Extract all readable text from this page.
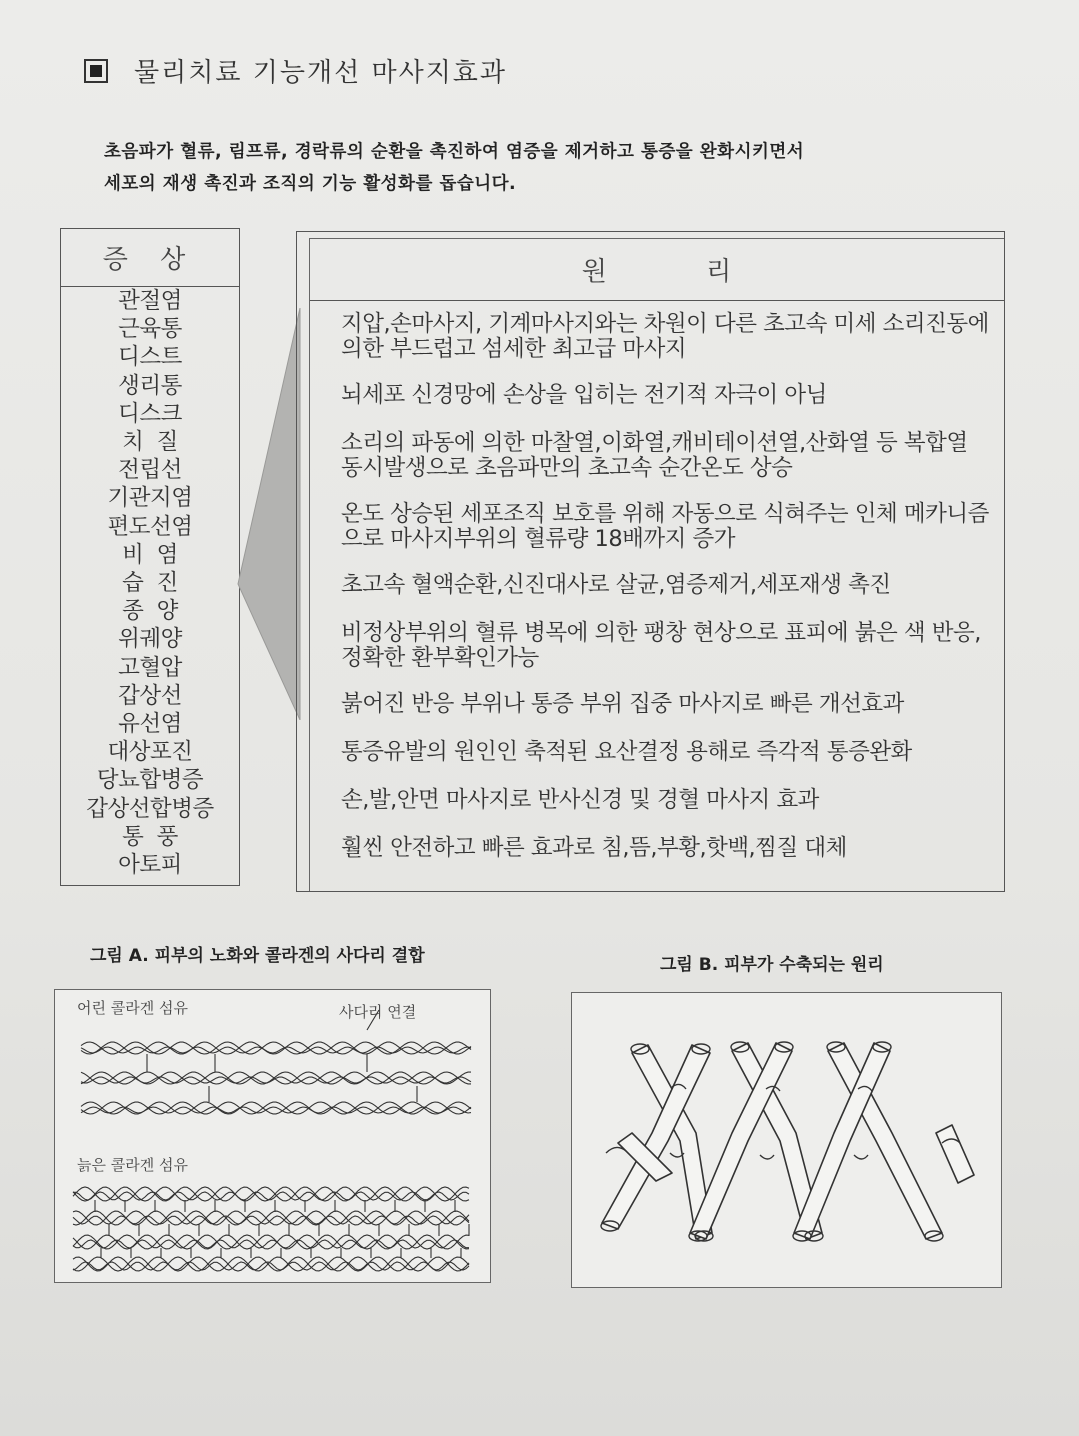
물리치료 기능개선 마사지효과
초음파가 혈류, 림프류, 경락류의 순환을 촉진하여 염증을 제거하고 통증을 완화시키면서
세포의 재생 촉진과 조직의 기능 활성화를 돕습니다.
증 상
관절염
근육통
디스트
생리통
디스크
치  질
전립선
기관지염
편도선염
비  염
습  진
종  양
위궤양
고혈압
갑상선
유선염
대상포진
당뇨합병증
갑상선합병증
통  풍
아토피
원            리
지압,손마사지, 기계마사지와는 차원이 다른 초고속 미세 소리진동에 의한 부드럽고 섬세한 최고급 마사지
뇌세포 신경망에 손상을 입히는 전기적 자극이 아님
소리의 파동에 의한 마찰열,이화열,캐비테이션열,산화열 등 복합열 동시발생으로 초음파만의 초고속 순간온도 상승
온도 상승된 세포조직 보호를 위해 자동으로 식혀주는 인체 메카니즘으로 마사지부위의 혈류량 18배까지 증가
초고속 혈액순환,신진대사로 살균,염증제거,세포재생 촉진
비정상부위의 혈류 병목에 의한 팽창 현상으로 표피에 붉은 색 반응,정확한 환부확인가능
붉어진 반응 부위나 통증 부위 집중 마사지로 빠른 개선효과
통증유발의 원인인 축적된 요산결정 용해로 즉각적 통증완화
손,발,안면 마사지로 반사신경 및 경혈 마사지 효과
훨씬 안전하고 빠른 효과로 침,뜸,부황,핫백,찜질 대체
그림 A. 피부의 노화와 콜라겐의 사다리 결합	그림 B. 피부가 수축되는 원리
어린 콜라겐 섬유	사다리 연결
늙은 콜라겐 섬유
